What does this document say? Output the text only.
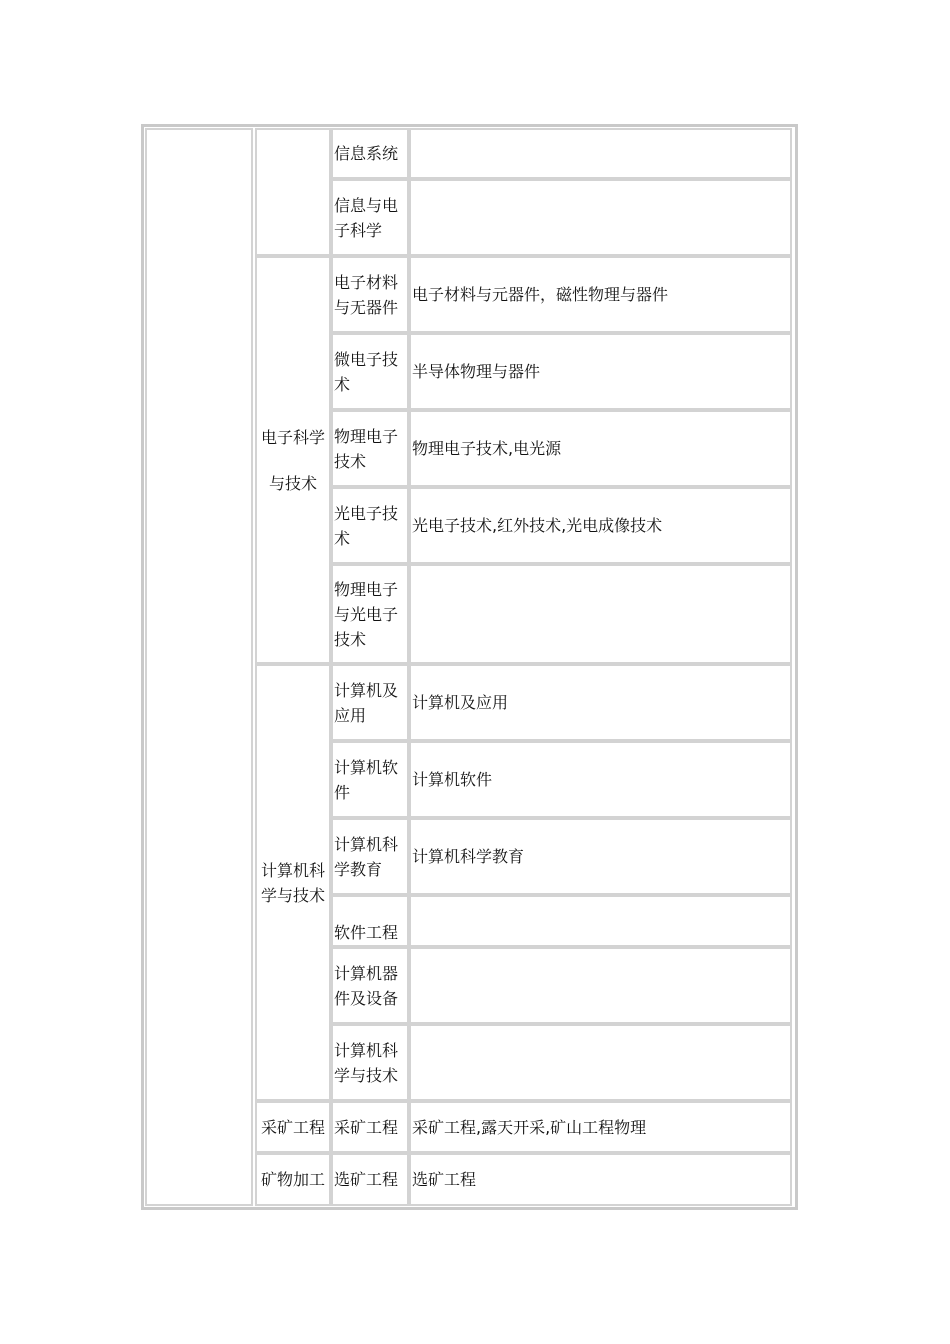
信息系统
信息与电
子科学
电子科学

与技术
电子材料
与无器件
电子材料与元器件，磁性物理与器件
微电子技
术
半导体物理与器件
物理电子
技术
物理电子技术,电光源
光电子技
术
光电子技术,红外技术,光电成像技术
物理电子
与光电子
技术
计算机科
学与技术
计算机及
应用
计算机及应用
计算机软
件
计算机软件
计算机科
学教育
计算机科学教育
软件工程
计算机器
件及设备
计算机科
学与技术
采矿工程 采矿工程 采矿工程,露天开采,矿山工程物理
矿物加工 选矿工程 选矿工程
